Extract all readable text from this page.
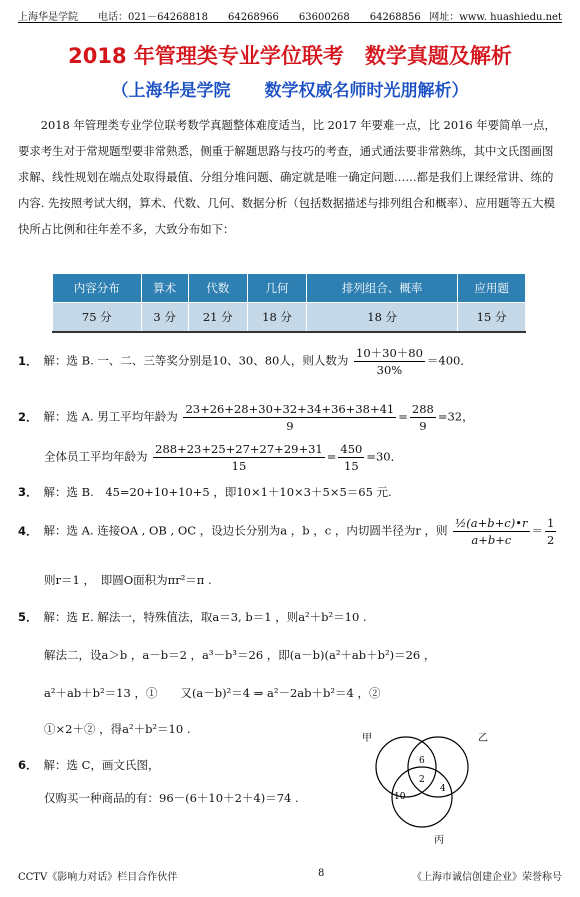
上海华是学院　　电话：021－64268818　　64268966　　63600268　　64268856 网址：www. huashiedu.net
2018 年管理类专业学位联考　数学真题及解析
（上海华是学院　　数学权威名师时光朋解析）

2018 年管理类专业学位联考数学真题整体难度适当，比 2017 年要难一点，比 2016 年要简单一点，要求考生对于常规题型要非常熟悉，侧重于解题思路与技巧的考查，通式通法要非常熟练，其中文氏图画图求解、线性规划在端点处取得最值、分组分堆问题、确定就是唯一确定问题……都是我们上课经常讲、练的内容. 先按照考试大纲，算术、代数、几何、数据分析（包括数据描述与排列组合和概率）、应用题等五大模快所占比例和往年差不多，大致分布如下：

内容分布	算术	代数	几何	排列组合、概率	应用题
75 分	3 分	21 分	18 分	18 分	15 分
1． 解：选 B. 一、二、三等奖分别是10、30、80人，则人数为 $\frac{10+30+80}{30\%} =400$．
2． 解：选 A. 男工平均年龄为 $\frac{23+26+28+30+32+34+36+38+41}{9} = \frac{288}{9} =32$，
全体员工平均年龄为 $\frac{288+23+25+27+27+29+31}{15} = \frac{450}{15} =30$．
3． 解：选 B.　45=20+10+10+5 ，即10×1＋10×3＋5×5＝65 元.
4． 解：选 A. 连接OA , OB , OC ，设边长分别为a ，b ，c ，内切圆半径为r ，则 $\frac{\text{½(a+b+c)•r}}{a+b+c} = \frac{1}{2}$
则r＝1 ，　即圆O面积为πr²＝π .
5． 解：选 E. 解法一，特殊值法，取a＝3, b＝1 ，则a²＋b²＝10 .
解法二，设a＞b ，a－b＝2 ，a³－b³＝26 ，即(a－b)(a²＋ab＋b²)＝26 ，
a²＋ab＋b²＝13 ，①　　又(a－b)²＝4 ⇒ a²－2ab＋b²＝4 ，②
①×2＋② ，得a²＋b²＝10 .
6． 解：选 C，画文氏图，
仅购买一种商品的有：96－(6＋10＋2＋4)＝74 .
甲	乙
丙
6
2
10
4
CCTV《影响力对话》栏目合作伙伴	8	《上海市诚信创建企业》荣誉称号
